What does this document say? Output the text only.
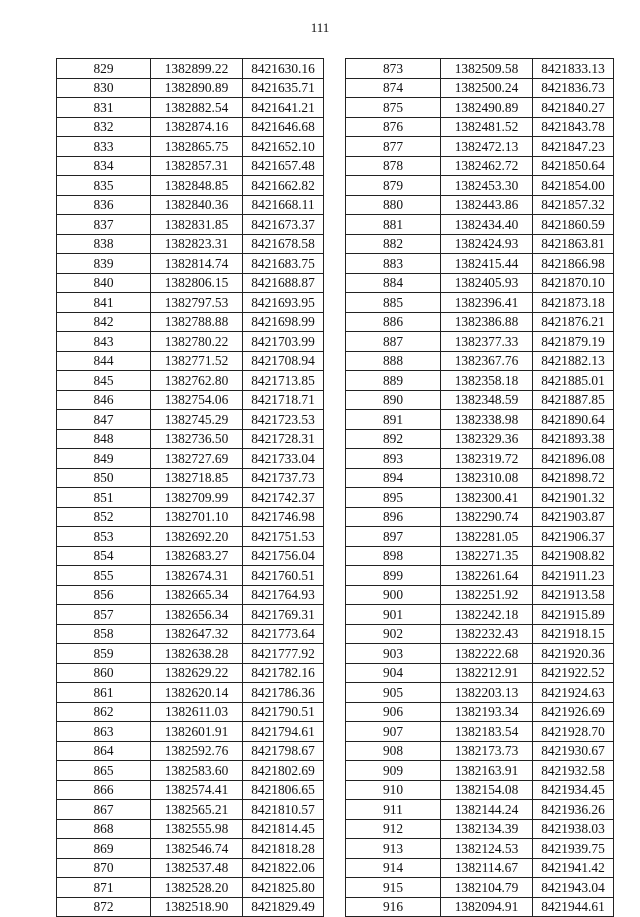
111
829	1382899.22	8421630.16
830	1382890.89	8421635.71
831	1382882.54	8421641.21
832	1382874.16	8421646.68
833	1382865.75	8421652.10
834	1382857.31	8421657.48
835	1382848.85	8421662.82
836	1382840.36	8421668.11
837	1382831.85	8421673.37
838	1382823.31	8421678.58
839	1382814.74	8421683.75
840	1382806.15	8421688.87
841	1382797.53	8421693.95
842	1382788.88	8421698.99
843	1382780.22	8421703.99
844	1382771.52	8421708.94
845	1382762.80	8421713.85
846	1382754.06	8421718.71
847	1382745.29	8421723.53
848	1382736.50	8421728.31
849	1382727.69	8421733.04
850	1382718.85	8421737.73
851	1382709.99	8421742.37
852	1382701.10	8421746.98
853	1382692.20	8421751.53
854	1382683.27	8421756.04
855	1382674.31	8421760.51
856	1382665.34	8421764.93
857	1382656.34	8421769.31
858	1382647.32	8421773.64
859	1382638.28	8421777.92
860	1382629.22	8421782.16
861	1382620.14	8421786.36
862	1382611.03	8421790.51
863	1382601.91	8421794.61
864	1382592.76	8421798.67
865	1382583.60	8421802.69
866	1382574.41	8421806.65
867	1382565.21	8421810.57
868	1382555.98	8421814.45
869	1382546.74	8421818.28
870	1382537.48	8421822.06
871	1382528.20	8421825.80
872	1382518.90	8421829.49
873	1382509.58	8421833.13
874	1382500.24	8421836.73
875	1382490.89	8421840.27
876	1382481.52	8421843.78
877	1382472.13	8421847.23
878	1382462.72	8421850.64
879	1382453.30	8421854.00
880	1382443.86	8421857.32
881	1382434.40	8421860.59
882	1382424.93	8421863.81
883	1382415.44	8421866.98
884	1382405.93	8421870.10
885	1382396.41	8421873.18
886	1382386.88	8421876.21
887	1382377.33	8421879.19
888	1382367.76	8421882.13
889	1382358.18	8421885.01
890	1382348.59	8421887.85
891	1382338.98	8421890.64
892	1382329.36	8421893.38
893	1382319.72	8421896.08
894	1382310.08	8421898.72
895	1382300.41	8421901.32
896	1382290.74	8421903.87
897	1382281.05	8421906.37
898	1382271.35	8421908.82
899	1382261.64	8421911.23
900	1382251.92	8421913.58
901	1382242.18	8421915.89
902	1382232.43	8421918.15
903	1382222.68	8421920.36
904	1382212.91	8421922.52
905	1382203.13	8421924.63
906	1382193.34	8421926.69
907	1382183.54	8421928.70
908	1382173.73	8421930.67
909	1382163.91	8421932.58
910	1382154.08	8421934.45
911	1382144.24	8421936.26
912	1382134.39	8421938.03
913	1382124.53	8421939.75
914	1382114.67	8421941.42
915	1382104.79	8421943.04
916	1382094.91	8421944.61
